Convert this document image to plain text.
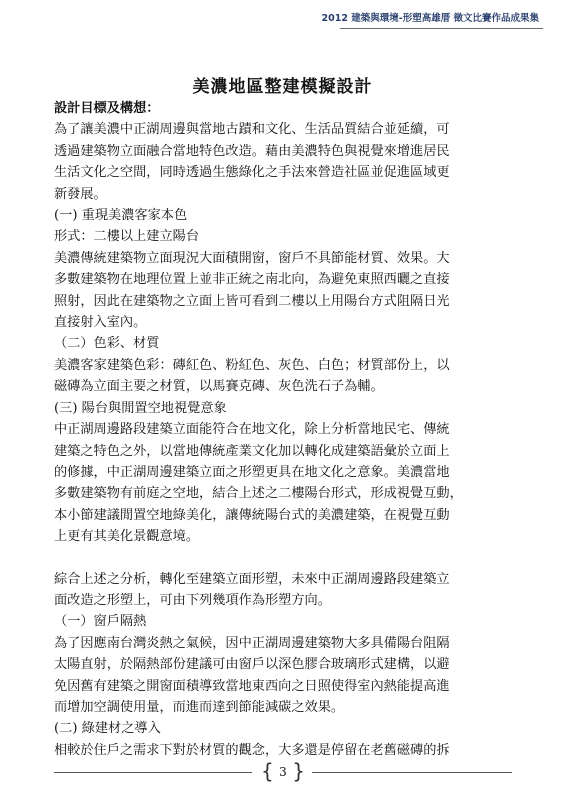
2012 建築與環境-形塑高雄厝 徵文比賽作品成果集
美濃地區整建模擬設計
設計目標及構想：
為了讓美濃中正湖周邊與當地古蹟和文化、生活品質結合並延續，可
透過建築物立面融合當地特色改造。藉由美濃特色與視覺來增進居民
生活文化之空間，同時透過生態綠化之手法來營造社區並促進區域更
新發展。
(一) 重現美濃客家本色
形式：二樓以上建立陽台
美濃傳統建築物立面現況大面積開窗，窗戶不具節能材質、效果。大
多數建築物在地理位置上並非正統之南北向，為避免東照西曬之直接
照射，因此在建築物之立面上皆可看到二樓以上用陽台方式阻隔日光
直接射入室內。
（二）色彩、材質
美濃客家建築色彩：磚紅色、粉紅色、灰色、白色；材質部份上，以
磁磚為立面主要之材質，以馬賽克磚、灰色洗石子為輔。
(三) 陽台與閒置空地視覺意象
中正湖周邊路段建築立面能符合在地文化，除上分析當地民宅、傳統
建築之特色之外，以當地傳統產業文化加以轉化成建築語彙於立面上
的修據，中正湖周邊建築立面之形塑更具在地文化之意象。美濃當地
多數建築物有前庭之空地，結合上述之二樓陽台形式，形成視覺互動，
本小節建議閒置空地綠美化，讓傳統陽台式的美濃建築，在視覺互動
上更有其美化景觀意境。
綜合上述之分析，轉化至建築立面形塑，未來中正湖周邊路段建築立
面改造之形塑上，可由下列幾項作為形塑方向。
（一）窗戶隔熱
為了因應南台灣炎熱之氣候，因中正湖周邊建築物大多具備陽台阻隔
太陽直射，於隔熱部份建議可由窗戶以深色膠合玻璃形式建構，以避
免因舊有建築之開窗面積導致當地東西向之日照使得室內熱能提高進
而增加空調使用量，而進而達到節能減碳之效果。
(二) 綠建材之導入
相較於住戶之需求下對於材質的觀念，大多還是停留在老舊磁磚的拆
{ 3 }
